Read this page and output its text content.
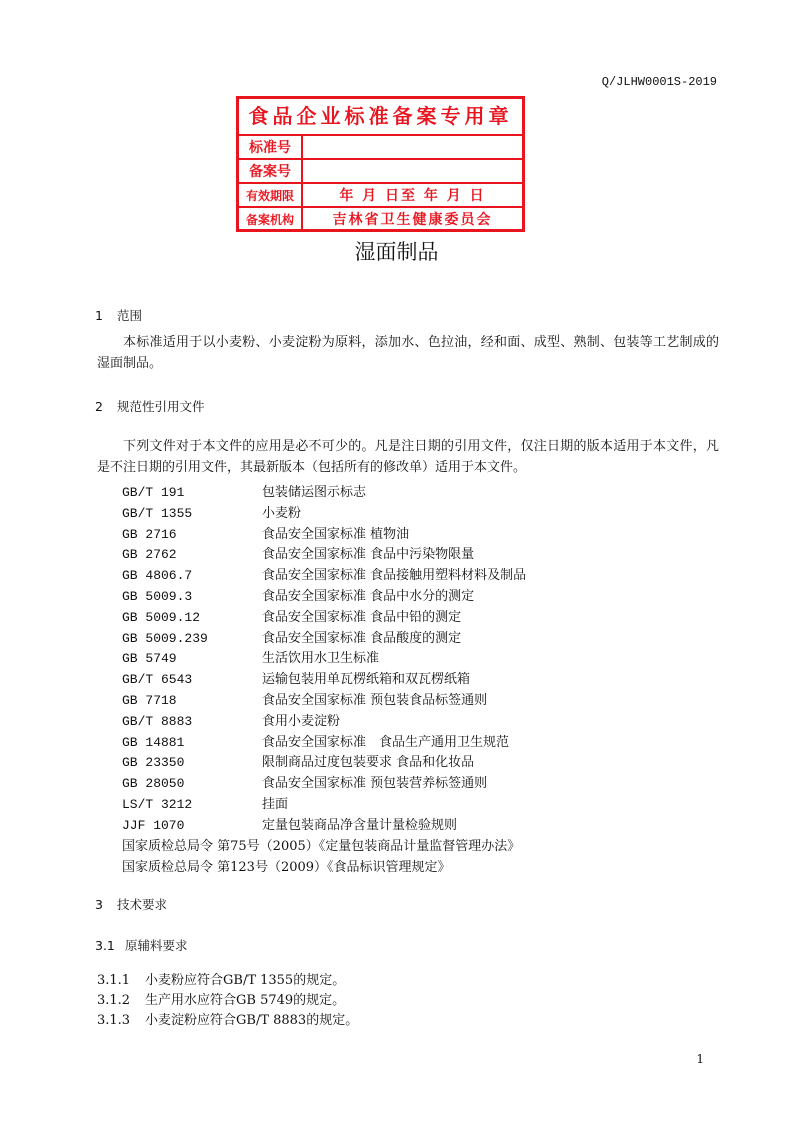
Q/JLHW0001S-2019
食品企业标准备案专用章
标准号
备案号
有效期限	年 月 日至 年 月 日
备案机构	吉林省卫生健康委员会
湿面制品
1 范围
本标准适用于以小麦粉、小麦淀粉为原料，添加水、色拉油，经和面、成型、熟制、包装等工艺制成的湿面制品。
2 规范性引用文件
下列文件对于本文件的应用是必不可少的。凡是注日期的引用文件，仅注日期的版本适用于本文件，凡是不注日期的引用文件，其最新版本（包括所有的修改单）适用于本文件。
GB/T 191	包装储运图示标志
GB/T 1355	小麦粉
GB 2716	食品安全国家标准 植物油
GB 2762	食品安全国家标准 食品中污染物限量
GB 4806.7	食品安全国家标准 食品接触用塑料材料及制品
GB 5009.3	食品安全国家标准 食品中水分的测定
GB 5009.12	食品安全国家标准 食品中铅的测定
GB 5009.239	食品安全国家标准 食品酸度的测定
GB 5749	生活饮用水卫生标准
GB/T 6543	运输包装用单瓦楞纸箱和双瓦楞纸箱
GB 7718	食品安全国家标准 预包装食品标签通则
GB/T 8883	食用小麦淀粉
GB 14881	食品安全国家标准　食品生产通用卫生规范
GB 23350	限制商品过度包装要求 食品和化妆品
GB 28050	食品安全国家标准 预包装营养标签通则
LS/T 3212	挂面
JJF 1070	定量包装商品净含量计量检验规则
国家质检总局令 第75号（2005）《定量包装商品计量监督管理办法》
国家质检总局令 第123号（2009）《食品标识管理规定》
3 技术要求
3.1 原辅料要求
3.1.1 小麦粉应符合GB/T 1355的规定。
3.1.2 生产用水应符合GB 5749的规定。
3.1.3 小麦淀粉应符合GB/T 8883的规定。
1
